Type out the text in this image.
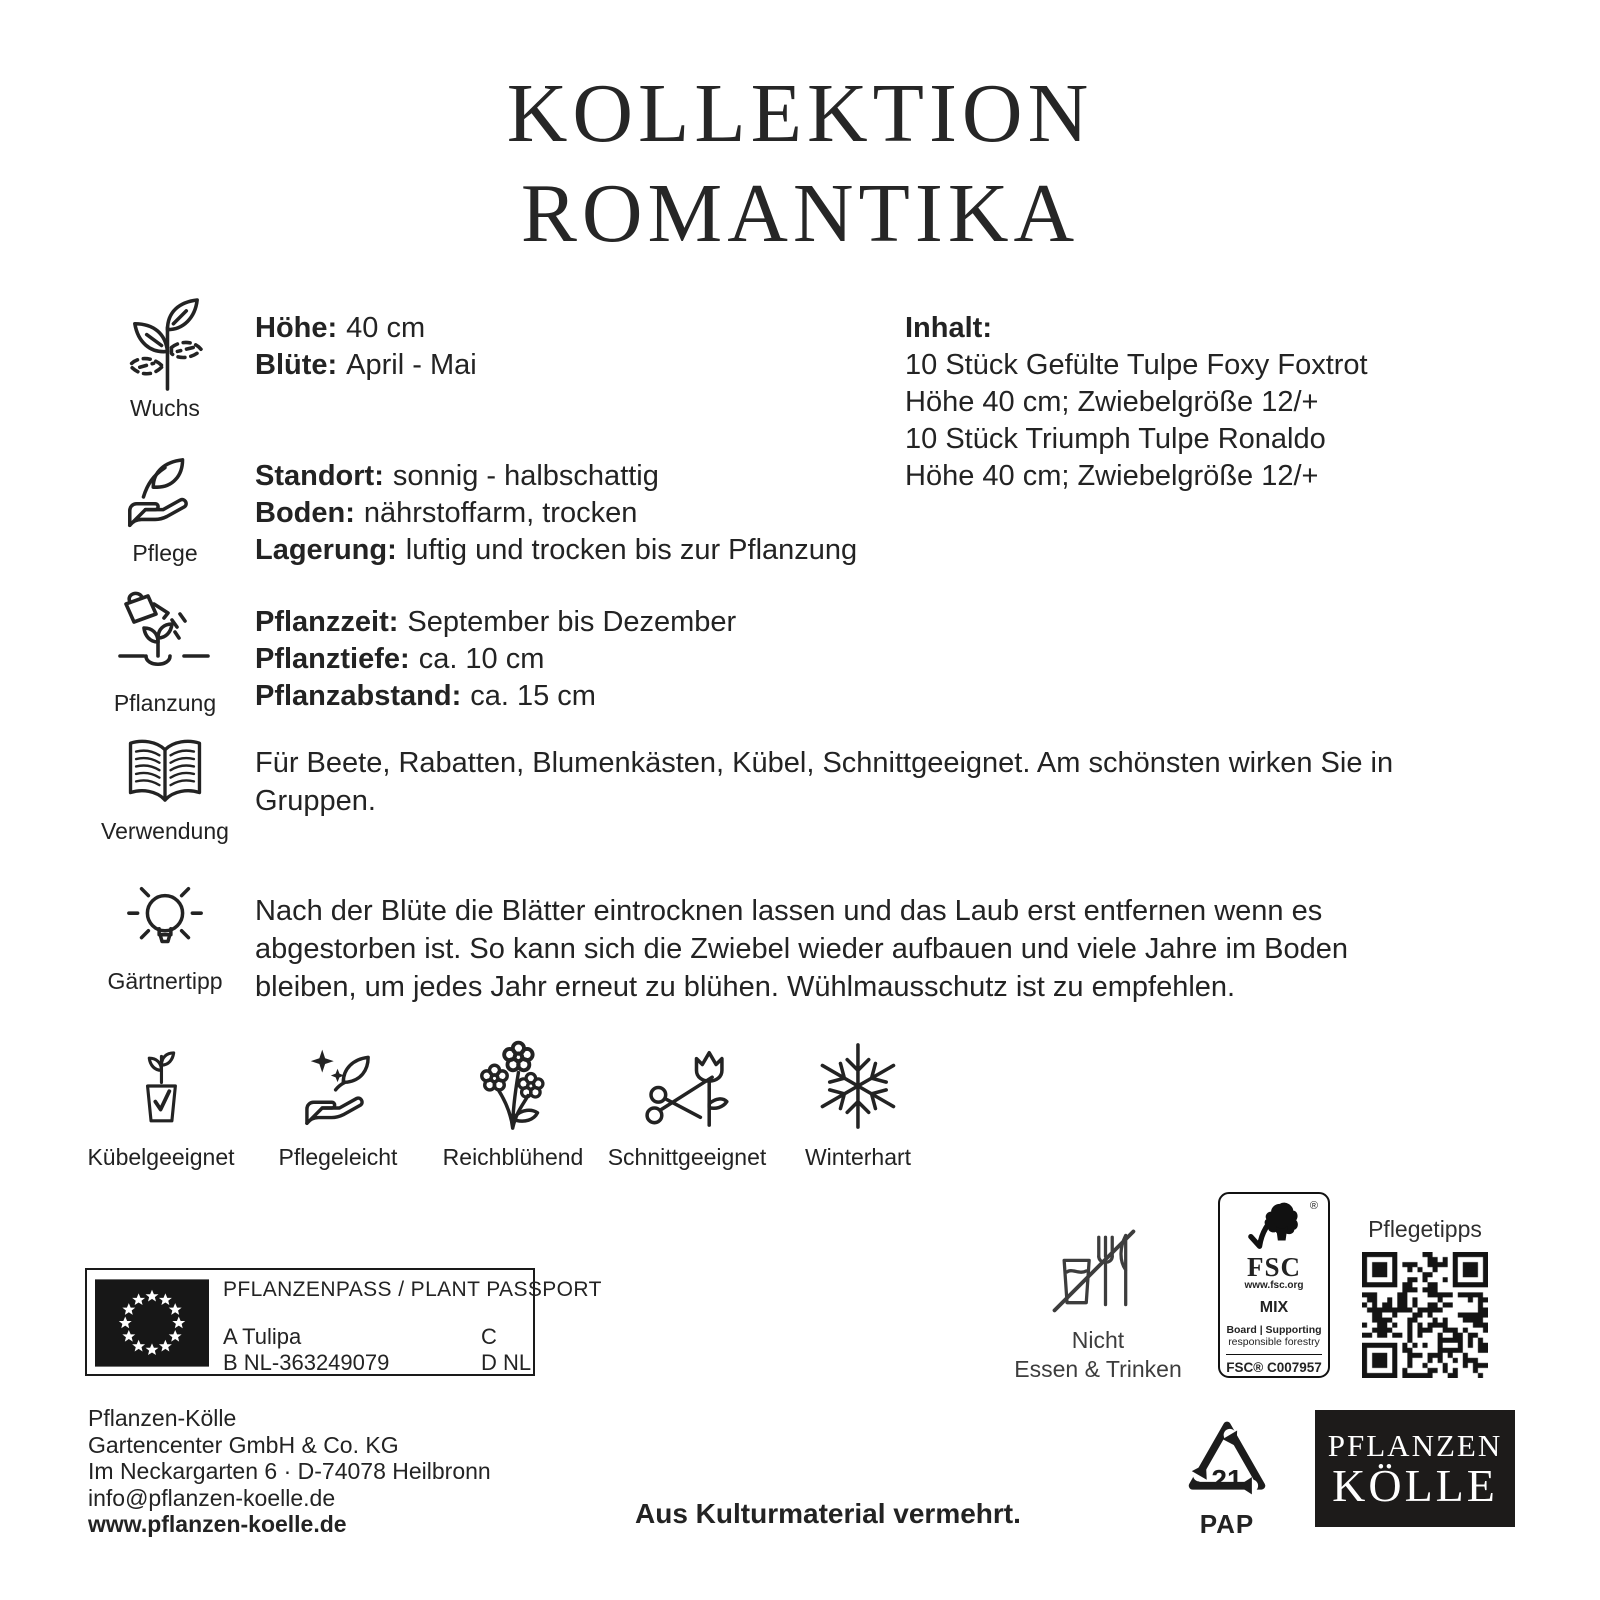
KOLLEKTION
ROMANTIKA
Wuchs
Höhe: 40 cm
Blüte: April - Mai
Inhalt:
10 Stück Gefülte Tulpe Foxy Foxtrot
Höhe 40 cm; Zwiebelgröße 12/+
10 Stück Triumph Tulpe Ronaldo
Höhe 40 cm; Zwiebelgröße 12/+
Pflege
Standort: sonnig - halbschattig
Boden: nährstoffarm, trocken
Lagerung: luftig und trocken bis zur Pflanzung
Pflanzung
Pflanzzeit: September bis Dezember
Pflanztiefe: ca. 10 cm
Pflanzabstand: ca. 15 cm
Verwendung
Für Beete, Rabatten, Blumenkästen, Kübel, Schnittgeeignet. Am schönsten wirken Sie in
Gruppen.
Gärtnertipp
Nach der Blüte die Blätter eintrocknen lassen und das Laub erst entfernen wenn es
abgestorben ist. So kann sich die Zwiebel wieder aufbauen und viele Jahre im Boden
bleiben, um jedes Jahr erneut zu blühen. Wühlmausschutz ist zu empfehlen.
Kübelgeeignet Pflegeleicht Reichblühend Schnittgeeignet Winterhart
PFLANZENPASS / PLANT PASSPORT
A Tulipa	C
B NL-363249079	D NL
Nicht
Essen & Trinken
®
FSC
www.fsc.org
MIX
Board | Supporting
responsible forestry
FSC® C007957
Pflegetipps
Pflanzen-Kölle
Gartencenter GmbH & Co. KG
Im Neckargarten 6 · D-74078 Heilbronn
info@pflanzen-koelle.de
www.pflanzen-koelle.de	Aus Kulturmaterial vermehrt.
21
PAP
PFLANZEN
KÖLLE
